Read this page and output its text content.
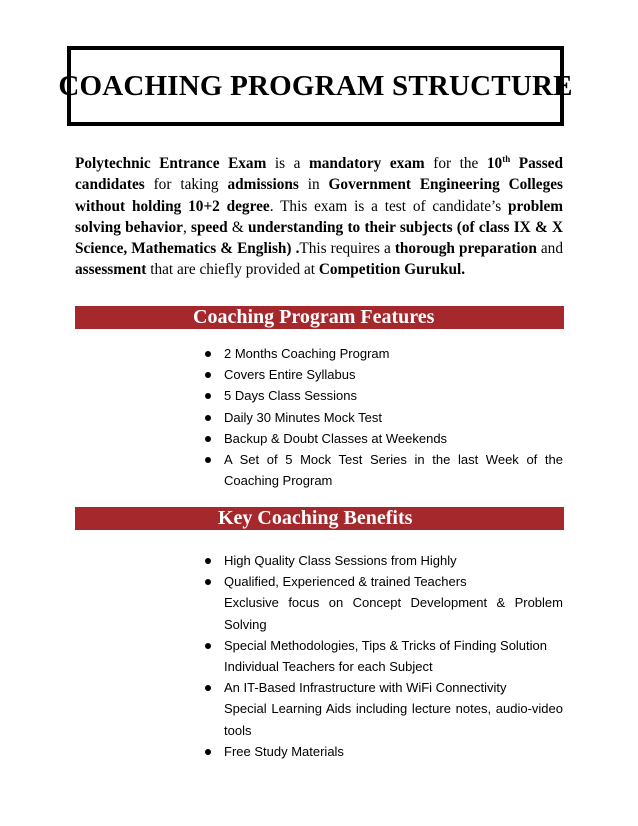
COACHING PROGRAM STRUCTURE

Polytechnic Entrance Exam is a mandatory exam for the 10th Passed candidates for taking admissions in Government Engineering Colleges without holding 10+2 degree. This exam is a test of candidate’s problem solving behavior, speed & understanding to their subjects (of class IX & X Science, Mathematics & English) .This requires a thorough preparation and assessment that are chiefly provided at Competition Gurukul.

Coaching Program Features
2 Months Coaching Program
Covers Entire Syllabus
5 Days Class Sessions
Daily 30 Minutes Mock Test
Backup & Doubt Classes at Weekends
A Set of 5 Mock Test Series in the last Week of the Coaching Program
Key Coaching Benefits
High Quality Class Sessions from Highly
Qualified, Experienced & trained Teachers
Exclusive focus on Concept Development & Problem Solving
Special Methodologies, Tips & Tricks of Finding Solution
Individual Teachers for each Subject
An IT-Based Infrastructure with WiFi Connectivity
Special Learning Aids including lecture notes, audio-video tools
Free Study Materials
